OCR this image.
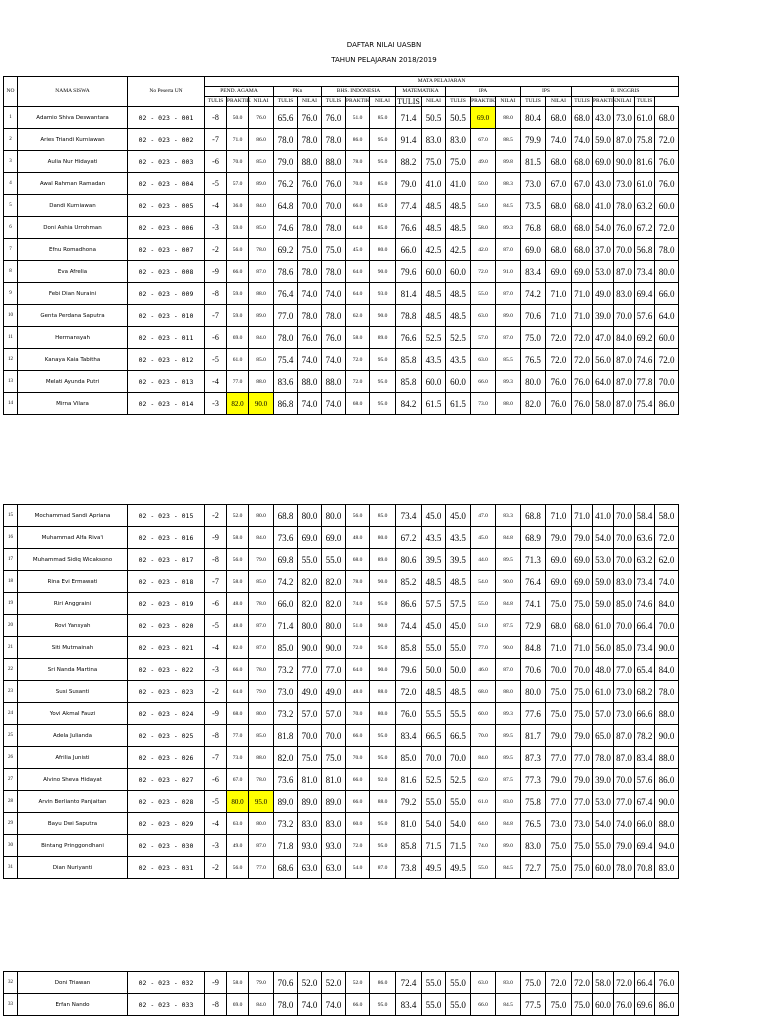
DAFTAR NILAI UASBN
TAHUN PELAJARAN 2018/2019
NO	NAMA SISWA	No Peserta UN	MATA PELAJARAN																			
			PEND. AGAMA			PKn		BHS. INDONESIA			MATEMATIKA		IPA			IPS		B. INGGRIS				
			TULIS	PRAKTIK	NILAI	TULIS	NILAI	TULIS	PRAKTIK	NILAI	TULIS	NILAI	TULIS	PRAKTIK	NILAI	TULIS	NILAI	TULIS	PRAKTIK	NILAI	TULIS	
1	Adamio Shiva Deswantara	02 - 023 - 001	-8	50.0	76.0	65.6	76.0	76.0	51.0	85.0	71.4	50.5	50.5	69.0	88.0	80.4	68.0	68.0	43.0	73.0	61.0	68.0
2	Aries Triandi Kurniawan	02 - 023 - 002	-7	71.0	86.0	78.0	78.0	78.0	86.0	95.0	91.4	83.0	83.0	67.0	88.5	79.9	74.0	74.0	59.0	87.0	75.8	72.0
3	Aulia Nur Hidayati	02 - 023 - 003	-6	70.0	85.0	79.0	88.0	88.0	78.0	95.0	88.2	75.0	75.0	49.0	89.8	81.5	68.0	68.0	69.0	90.0	81.6	76.0
4	Awal Rahman Ramadan	02 - 023 - 004	-5	57.0	89.0	76.2	76.0	76.0	70.0	85.0	79.0	41.0	41.0	50.0	88.3	73.0	67.0	67.0	43.0	73.0	61.0	76.0
5	Dandi Kurniawan	02 - 023 - 005	-4	36.0	84.0	64.8	70.0	70.0	66.0	85.0	77.4	48.5	48.5	54.0	84.5	73.5	68.0	68.0	41.0	78.0	63.2	60.0
6	Doni Ashia Urrohman	02 - 023 - 006	-3	59.0	85.0	74.6	78.0	78.0	64.0	85.0	76.6	48.5	48.5	58.0	89.3	76.8	68.0	68.0	54.0	76.0	67.2	72.0
7	Efnu Romadhona	02 - 023 - 007	-2	56.0	78.0	69.2	75.0	75.0	45.0	80.0	66.0	42.5	42.5	42.0	87.0	69.0	68.0	68.0	37.0	70.0	56.8	78.0
8	Eva Afrelia	02 - 023 - 008	-9	66.0	87.0	78.6	78.0	78.0	64.0	90.0	79.6	60.0	60.0	72.0	91.0	83.4	69.0	69.0	53.0	87.0	73.4	80.0
9	Febi Dian Nuraini	02 - 023 - 009	-8	59.0	88.0	76.4	74.0	74.0	64.0	93.0	81.4	48.5	48.5	55.0	87.0	74.2	71.0	71.0	49.0	83.0	69.4	66.0
10	Genta Perdana Saputra	02 - 023 - 010	-7	59.0	89.0	77.0	78.0	78.0	62.0	90.0	78.8	48.5	48.5	63.0	89.0	70.6	71.0	71.0	39.0	70.0	57.6	64.0
11	Hermansyah	02 - 023 - 011	-6	69.0	84.0	78.0	76.0	76.0	58.0	89.0	76.6	52.5	52.5	57.0	87.0	75.0	72.0	72.0	47.0	84.0	69.2	60.0
12	Kanaya Kaia Tabitha	02 - 023 - 012	-5	61.0	85.0	75.4	74.0	74.0	72.0	95.0	85.8	43.5	43.5	63.0	85.5	76.5	72.0	72.0	56.0	87.0	74.6	72.0
13	Melati Ayunda Putri	02 - 023 - 013	-4	77.0	88.0	83.6	88.0	88.0	72.0	95.0	85.8	60.0	60.0	66.0	89.3	80.0	76.0	76.0	64.0	87.0	77.8	70.0
14	Mirna Vilara	02 - 023 - 014	-3	82.0	90.0	86.8	74.0	74.0	68.0	95.0	84.2	61.5	61.5	73.0	88.0	82.0	76.0	76.0	58.0	87.0	75.4	86.0
15	Mochammad Sandi Apriana	02 - 023 - 015	-2	52.0	80.0	68.8	80.0	80.0	56.0	85.0	73.4	45.0	45.0	47.0	83.3	68.8	71.0	71.0	41.0	70.0	58.4	58.0
16	Muhammad Alfa Riva'i	02 - 023 - 016	-9	58.0	84.0	73.6	69.0	69.0	48.0	80.0	67.2	43.5	43.5	45.0	84.8	68.9	79.0	79.0	54.0	70.0	63.6	72.0
17	Muhammad Sidiq Wicaksono	02 - 023 - 017	-8	56.0	79.0	69.8	55.0	55.0	68.0	89.0	80.6	39.5	39.5	44.0	89.5	71.3	69.0	69.0	53.0	70.0	63.2	62.0
18	Rina Evi Ermawati	02 - 023 - 018	-7	58.0	85.0	74.2	82.0	82.0	78.0	90.0	85.2	48.5	48.5	54.0	90.0	76.4	69.0	69.0	59.0	83.0	73.4	74.0
19	Riri Anggraini	02 - 023 - 019	-6	48.0	78.0	66.0	82.0	82.0	74.0	95.0	86.6	57.5	57.5	55.0	84.8	74.1	75.0	75.0	59.0	85.0	74.6	84.0
20	Rovi Yansyah	02 - 023 - 020	-5	48.0	87.0	71.4	80.0	80.0	51.0	90.0	74.4	45.0	45.0	51.0	87.5	72.9	68.0	68.0	61.0	70.0	66.4	70.0
21	Siti Mutmainah	02 - 023 - 021	-4	82.0	87.0	85.0	90.0	90.0	72.0	95.0	85.8	55.0	55.0	77.0	90.0	84.8	71.0	71.0	56.0	85.0	73.4	90.0
22	Sri Nanda Martina	02 - 023 - 022	-3	66.0	78.0	73.2	77.0	77.0	64.0	90.0	79.6	50.0	50.0	46.0	87.0	70.6	70.0	70.0	48.0	77.0	65.4	84.0
23	Susi Susanti	02 - 023 - 023	-2	64.0	79.0	73.0	49.0	49.0	48.0	88.0	72.0	48.5	48.5	68.0	88.0	80.0	75.0	75.0	61.0	73.0	68.2	78.0
24	Yovi Akmal Fauzi	02 - 023 - 024	-9	68.0	80.0	73.2	57.0	57.0	70.0	80.0	76.0	55.5	55.5	60.0	89.3	77.6	75.0	75.0	57.0	73.0	66.6	88.0
25	Adela Julianda	02 - 023 - 025	-8	77.0	85.0	81.8	70.0	70.0	66.0	95.0	83.4	66.5	66.5	70.0	89.5	81.7	79.0	79.0	65.0	87.0	78.2	90.0
26	Afrilia Junisti	02 - 023 - 026	-7	73.0	88.0	82.0	75.0	75.0	70.0	95.0	85.0	70.0	70.0	84.0	89.5	87.3	77.0	77.0	78.0	87.0	83.4	88.0
27	Alvino Sheva Hidayat	02 - 023 - 027	-6	67.0	78.0	73.6	81.0	81.0	66.0	92.0	81.6	52.5	52.5	62.0	87.5	77.3	79.0	79.0	39.0	70.0	57.6	86.0
28	Arvin Berlianto Panjaitan	02 - 023 - 028	-5	80.0	95.0	89.0	89.0	89.0	66.0	88.0	79.2	55.0	55.0	61.0	83.0	75.8	77.0	77.0	53.0	77.0	67.4	90.0
29	Bayu Dwi Saputra	02 - 023 - 029	-4	63.0	80.0	73.2	83.0	83.0	60.0	95.0	81.0	54.0	54.0	64.0	84.8	76.5	73.0	73.0	54.0	74.0	66.0	88.0
30	Bintang Pringgondhani	02 - 023 - 030	-3	49.0	87.0	71.8	93.0	93.0	72.0	95.0	85.8	71.5	71.5	74.0	89.0	83.0	75.0	75.0	55.0	79.0	69.4	94.0
31	Dian Nuriyanti	02 - 023 - 031	-2	56.0	77.0	68.6	63.0	63.0	54.0	87.0	73.8	49.5	49.5	55.0	84.5	72.7	75.0	75.0	60.0	78.0	70.8	83.0
32	Doni Triawan	02 - 023 - 032	-9	58.0	79.0	70.6	52.0	52.0	52.0	86.0	72.4	55.0	55.0	63.0	83.0	75.0	72.0	72.0	58.0	72.0	66.4	76.0
33	Erfan Nando	02 - 023 - 033	-8	69.0	84.0	78.0	74.0	74.0	66.0	95.0	83.4	55.0	55.0	66.0	84.5	77.5	75.0	75.0	60.0	76.0	69.6	86.0
